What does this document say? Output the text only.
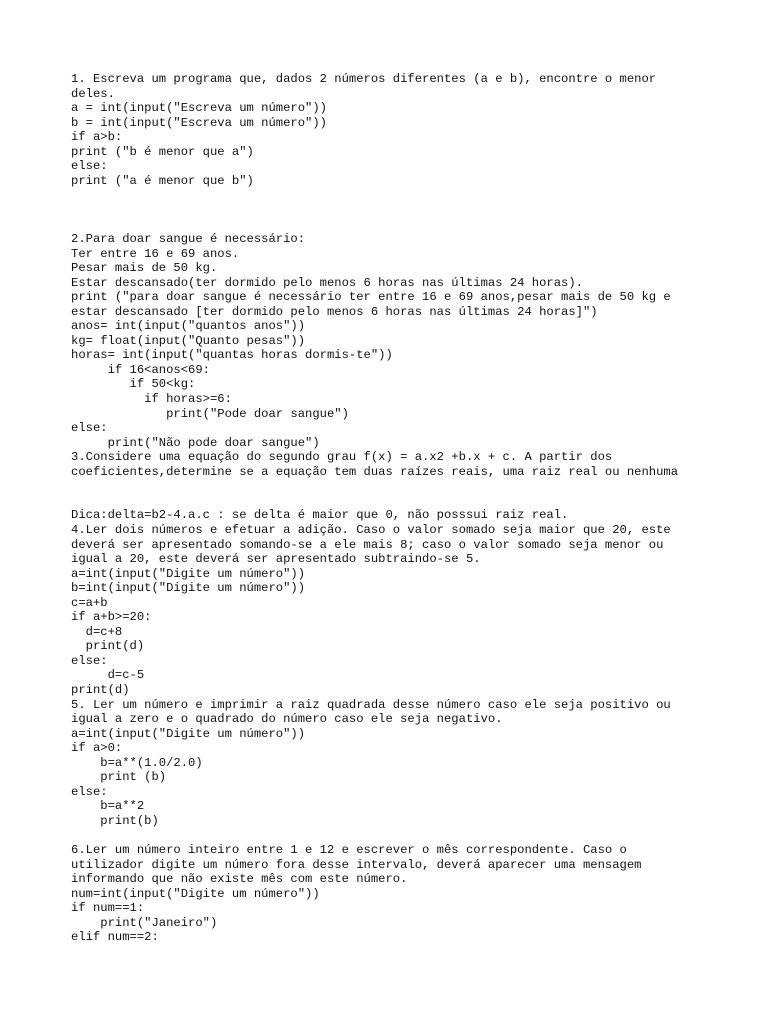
1. Escreva um programa que, dados 2 números diferentes (a e b), encontre o menor
deles.
a = int(input("Escreva um número"))
b = int(input("Escreva um número"))
if a>b:
print ("b é menor que a")
else:
print ("a é menor que b")
2.Para doar sangue é necessário:
Ter entre 16 e 69 anos.
Pesar mais de 50 kg.
Estar descansado(ter dormido pelo menos 6 horas nas últimas 24 horas).
print ("para doar sangue é necessário ter entre 16 e 69 anos,pesar mais de 50 kg e
estar descansado [ter dormido pelo menos 6 horas nas últimas 24 horas]")
anos= int(input("quantos anos"))
kg= float(input("Quanto pesas"))
horas= int(input("quantas horas dormis-te"))
if 16<anos<69:
if 50<kg:
if horas>=6:
print("Pode doar sangue")
else:
print("Não pode doar sangue")
3.Considere uma equação do segundo grau f(x) = a.x2 +b.x + c. A partir dos
coeficientes,determine se a equação tem duas raízes reais, uma raiz real ou nenhuma
Dica:delta=b2-4.a.c : se delta é maior que 0, não posssui raiz real.
4.Ler dois números e efetuar a adição. Caso o valor somado seja maior que 20, este
deverá ser apresentado somando-se a ele mais 8; caso o valor somado seja menor ou
igual a 20, este deverá ser apresentado subtraindo-se 5.
a=int(input("Digite um número"))
b=int(input("Digite um número"))
c=a+b
if a+b>=20:
d=c+8
print(d)
else:
d=c-5
print(d)
5. Ler um número e imprimir a raiz quadrada desse número caso ele seja positivo ou
igual a zero e o quadrado do número caso ele seja negativo.
a=int(input("Digite um número"))
if a>0:
b=a**(1.0/2.0)
print (b)
else:
b=a**2
print(b)
6.Ler um número inteiro entre 1 e 12 e escrever o mês correspondente. Caso o
utilizador digite um número fora desse intervalo, deverá aparecer uma mensagem
informando que não existe mês com este número.
num=int(input("Digite um número"))
if num==1:
print("Janeiro")
elif num==2:
